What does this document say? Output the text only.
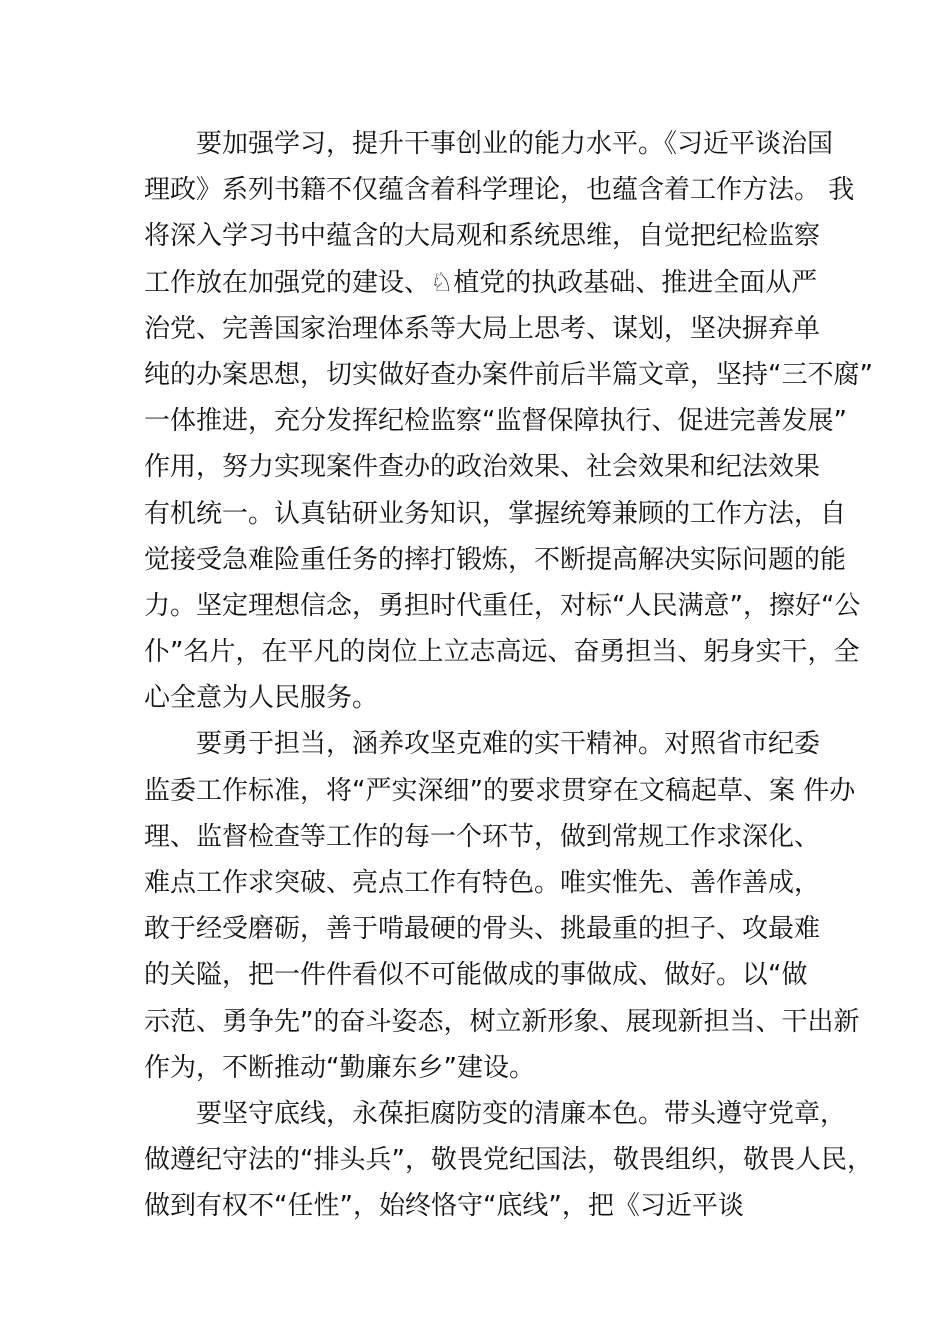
　　要加强学习，提升干事创业的能力水平。《习近平谈治国
理政》系列书籍不仅蕴含着科学理论，也蕴含着工作方法。 我
将深入学习书中蕴含的大局观和系统思维，自觉把纪检监察
工作放在加强党的建设、♘植党的执政基础、推进全面从严
治党、完善国家治理体系等大局上思考、谋划，坚决摒弃单
纯的办案思想，切实做好查办案件前后半篇文章，坚持“三不腐”
一体推进，充分发挥纪检监察“监督保障执行、促进完善发展”
作用，努力实现案件查办的政治效果、社会效果和纪法效果
有机统一。认真钻研业务知识，掌握统筹兼顾的工作方法，自
觉接受急难险重任务的摔打锻炼，不断提高解决实际问题的能
力。坚定理想信念，勇担时代重任，对标“人民满意”，擦好“公
仆”名片，在平凡的岗位上立志高远、奋勇担当、躬身实干，全
心全意为人民服务。
　　要勇于担当，涵养攻坚克难的实干精神。对照省市纪委
监委工作标准，将“严实深细”的要求贯穿在文稿起草、案 件办
理、监督检查等工作的每一个环节，做到常规工作求深化、
难点工作求突破、亮点工作有特色。唯实惟先、善作善成，
敢于经受磨砺，善于啃最硬的骨头、挑最重的担子、攻最难
的关隘，把一件件看似不可能做成的事做成、做好。以“做
示范、勇争先”的奋斗姿态，树立新形象、展现新担当、干出新
作为，不断推动“勤廉东乡”建设。
　　要坚守底线，永葆拒腐防变的清廉本色。带头遵守党章，
做遵纪守法的“排头兵”，敬畏党纪国法，敬畏组织，敬畏人民，
做到有权不“任性”，始终恪守“底线”，把《习近平谈
